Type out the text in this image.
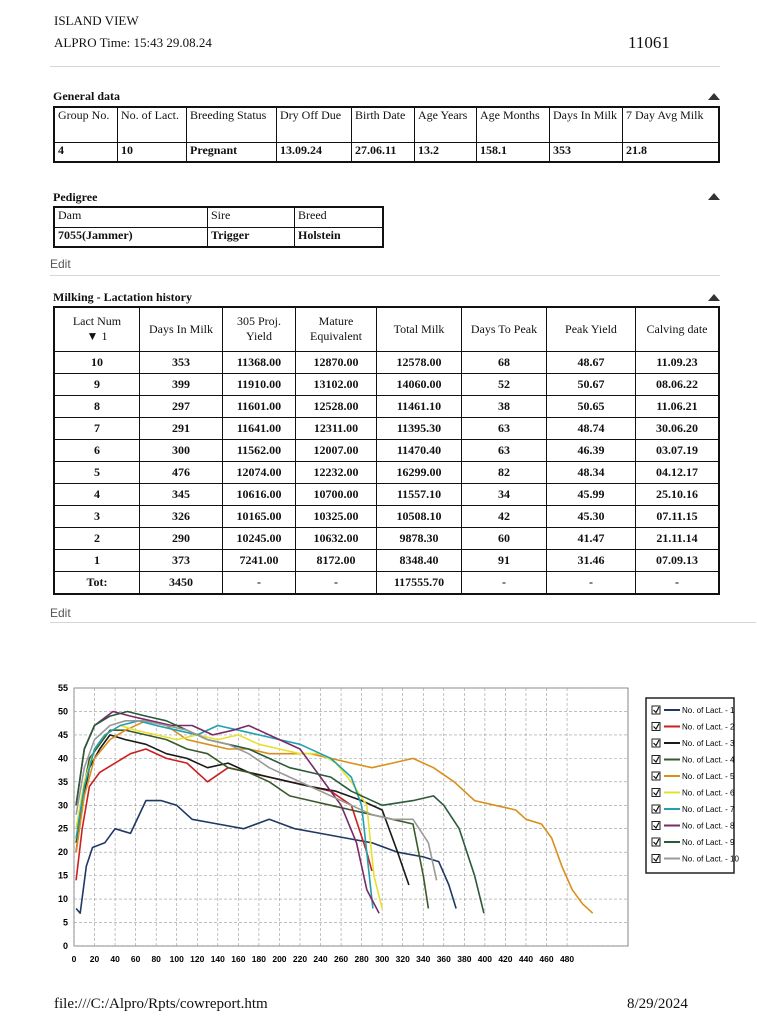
ISLAND VIEW
ALPRO Time: 15:43 29.08.24	11061
General data
Group No.	No. of Lact.	Breeding Status	Dry Off Due	Birth Date	Age Years	Age Months	Days In Milk	7 Day Avg Milk
4	10	Pregnant	13.09.24	27.06.11	13.2	158.1	353	21.8
Pedigree
Dam	Sire	Breed
7055(Jammer)	Trigger	Holstein
Edit
Milking - Lactation history
Lact Num
▼ 1	Days In Milk	305 Proj. Yield	Mature Equivalent	Total Milk	Days To Peak	Peak Yield	Calving date
10	353	11368.00	12870.00	12578.00	68	48.67	11.09.23
9	399	11910.00	13102.00	14060.00	52	50.67	08.06.22
8	297	11601.00	12528.00	11461.10	38	50.65	11.06.21
7	291	11641.00	12311.00	11395.30	63	48.74	30.06.20
6	300	11562.00	12007.00	11470.40	63	46.39	03.07.19
5	476	12074.00	12232.00	16299.00	82	48.34	04.12.17
4	345	10616.00	10700.00	11557.10	34	45.99	25.10.16
3	326	10165.00	10325.00	10508.10	42	45.30	07.11.15
2	290	10245.00	10632.00	9878.30	60	41.47	21.11.14
1	373	7241.00	8172.00	8348.40	91	31.46	07.09.13
Tot:	3450	-	-	117555.70	-	-	-
Edit
0
5
10
15
20
25
30
35
40
45
50
55
0 20 40 60 80 100 120 140 160 180 200 220 240 260 280 300 320 340 360 380 400 420 440 460 480
No. of Lact. - 1
No. of Lact. - 2
No. of Lact. - 3
No. of Lact. - 4
No. of Lact. - 5
No. of Lact. - 6
No. of Lact. - 7
No. of Lact. - 8
No. of Lact. - 9
No. of Lact. - 10
file:///C:/Alpro/Rpts/cowreport.htm	8/29/2024
